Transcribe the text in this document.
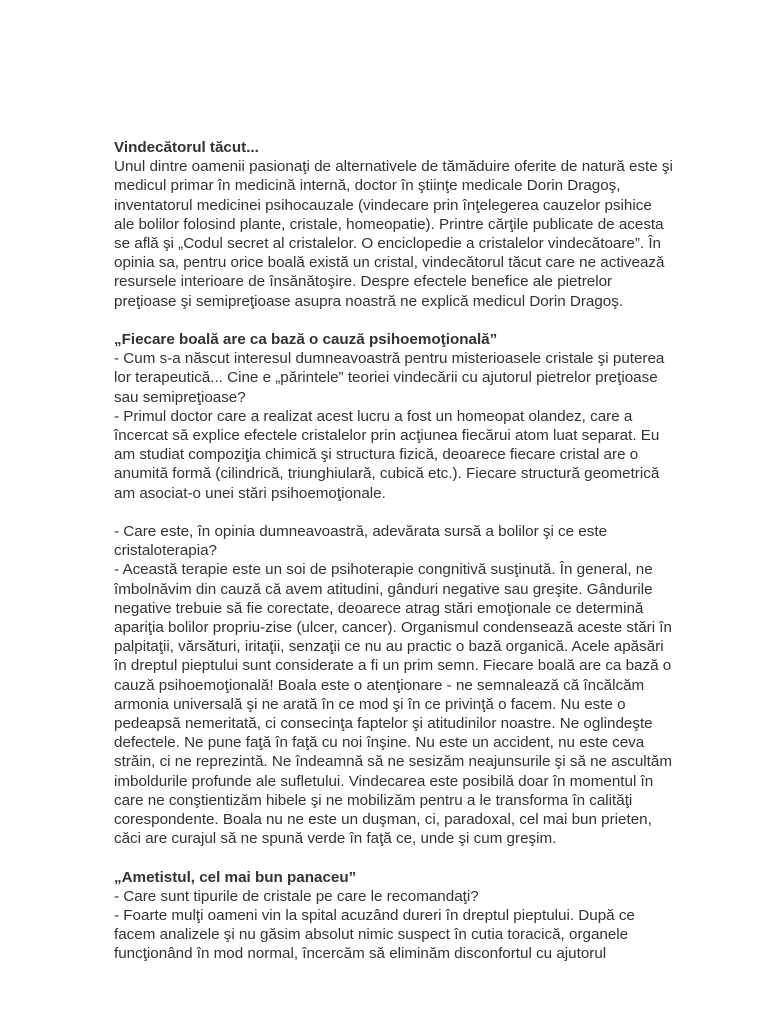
Vindecătorul tăcut...

Unul dintre oamenii pasionaţi de alternativele de tămăduire oferite de natură este şi medicul primar în medicină internă, doctor în ştiinţe medicale Dorin Dragoş, inventatorul medicinei psihocauzale (vindecare prin înţelegerea cauzelor psihice ale bolilor folosind plante, cristale, homeopatie). Printre cărţile publicate de acesta se află şi „Codul secret al cristalelor. O enciclopedie a cristalelor vindecătoare”. În opinia sa, pentru orice boală există un cristal, vindecătorul tăcut care ne activează resursele interioare de însănătoşire. Despre efectele benefice ale pietrelor preţioase şi semipreţioase asupra noastră ne explică medicul Dorin Dragoş.

„Fiecare boală are ca bază o cauză psihoemoţională”

- Cum s-a născut interesul dumneavoastră pentru misterioasele cristale şi puterea lor terapeutică... Cine e „părintele” teoriei vindecării cu ajutorul pietrelor preţioase sau semipreţioase?

- Primul doctor care a realizat acest lucru a fost un homeopat olandez, care a încercat să explice efectele cristalelor prin acţiunea fiecărui atom luat separat. Eu am studiat compoziţia chimică şi structura fizică, deoarece fiecare cristal are o anumită formă (cilindrică, triunghiulară, cubică etc.). Fiecare structură geometrică am asociat-o unei stări psihoemoţionale.

- Care este, în opinia dumneavoastră, adevărata sursă a bolilor şi ce este cristaloterapia?

- Această terapie este un soi de psihoterapie congnitivă susţinută. În general, ne îmbolnăvim din cauză că avem atitudini, gânduri negative sau greşite. Gândurile negative trebuie să fie corectate, deoarece atrag stări emoţionale ce determină apariţia bolilor propriu-zise (ulcer, cancer). Organismul condensează aceste stări în palpitaţii, vărsături, iritaţii, senzaţii ce nu au practic o bază organică. Acele apăsări în dreptul pieptului sunt considerate a fi un prim semn. Fiecare boală are ca bază o cauză psihoemoţională! Boala este o atenţionare - ne semnalează că încălcăm armonia universală şi ne arată în ce mod şi în ce privinţă o facem. Nu este o pedeapsă nemeritată, ci consecinţa faptelor şi atitudinilor noastre. Ne oglindeşte defectele. Ne pune faţă în faţă cu noi înşine. Nu este un accident, nu este ceva străin, ci ne reprezintă. Ne îndeamnă să ne sesizăm neajunsurile şi să ne ascultăm imboldurile profunde ale sufletului. Vindecarea este posibilă doar în momentul în care ne conştientizăm hibele şi ne mobilizăm pentru a le transforma în calităţi corespondente. Boala nu ne este un duşman, ci, paradoxal, cel mai bun prieten, căci are curajul să ne spună verde în faţă ce, unde şi cum greşim.

„Ametistul, cel mai bun panaceu”

- Care sunt tipurile de cristale pe care le recomandaţi?

- Foarte mulţi oameni vin la spital acuzând dureri în dreptul pieptului. După ce facem analizele şi nu găsim absolut nimic suspect în cutia toracică, organele funcţionând în mod normal, încercăm să eliminăm disconfortul cu ajutorul
